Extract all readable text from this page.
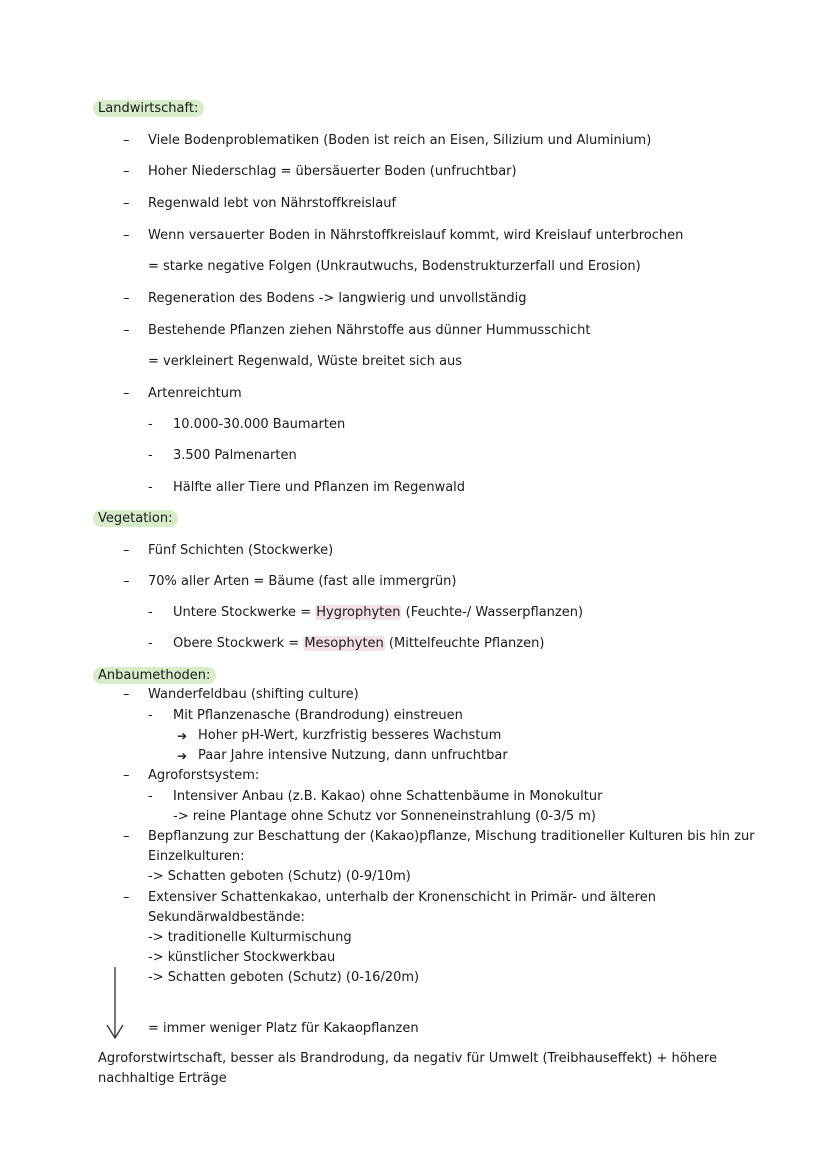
Landwirtschaft:
– Viele Bodenproblematiken (Boden ist reich an Eisen, Silizium und Aluminium)
– Hoher Niederschlag = übersäuerter Boden (unfruchtbar)
– Regenwald lebt von Nährstoffkreislauf
– Wenn versauerter Boden in Nährstoffkreislauf kommt, wird Kreislauf unterbrochen
= starke negative Folgen (Unkrautwuchs, Bodenstrukturzerfall und Erosion)
– Regeneration des Bodens -> langwierig und unvollständig
– Bestehende Pflanzen ziehen Nährstoffe aus dünner Hummusschicht
= verkleinert Regenwald, Wüste breitet sich aus
– Artenreichtum
- 10.000-30.000 Baumarten
- 3.500 Palmenarten
- Hälfte aller Tiere und Pflanzen im Regenwald
Vegetation:
– Fünf Schichten (Stockwerke)
– 70% aller Arten = Bäume (fast alle immergrün)
- Untere Stockwerke = Hygrophyten (Feuchte-/ Wasserpflanzen)
- Obere Stockwerk = Mesophyten (Mittelfeuchte Pflanzen)
Anbaumethoden:
– Wanderfeldbau (shifting culture)
- Mit Pflanzenasche (Brandrodung) einstreuen
➔ Hoher pH-Wert, kurzfristig besseres Wachstum
➔ Paar Jahre intensive Nutzung, dann unfruchtbar
– Agroforstsystem:
- Intensiver Anbau (z.B. Kakao) ohne Schattenbäume in Monokultur
-> reine Plantage ohne Schutz vor Sonneneinstrahlung (0-3/5 m)
– Bepflanzung zur Beschattung der (Kakao)pflanze, Mischung traditioneller Kulturen bis hin zur
Einzelkulturen:
-> Schatten geboten (Schutz) (0-9/10m)
– Extensiver Schattenkakao, unterhalb der Kronenschicht in Primär- und älteren
Sekundärwaldbestände:
-> traditionelle Kulturmischung
-> künstlicher Stockwerkbau
-> Schatten geboten (Schutz) (0-16/20m)
= immer weniger Platz für Kakaopflanzen
Agroforstwirtschaft, besser als Brandrodung, da negativ für Umwelt (Treibhauseffekt) + höhere
nachhaltige Erträge
